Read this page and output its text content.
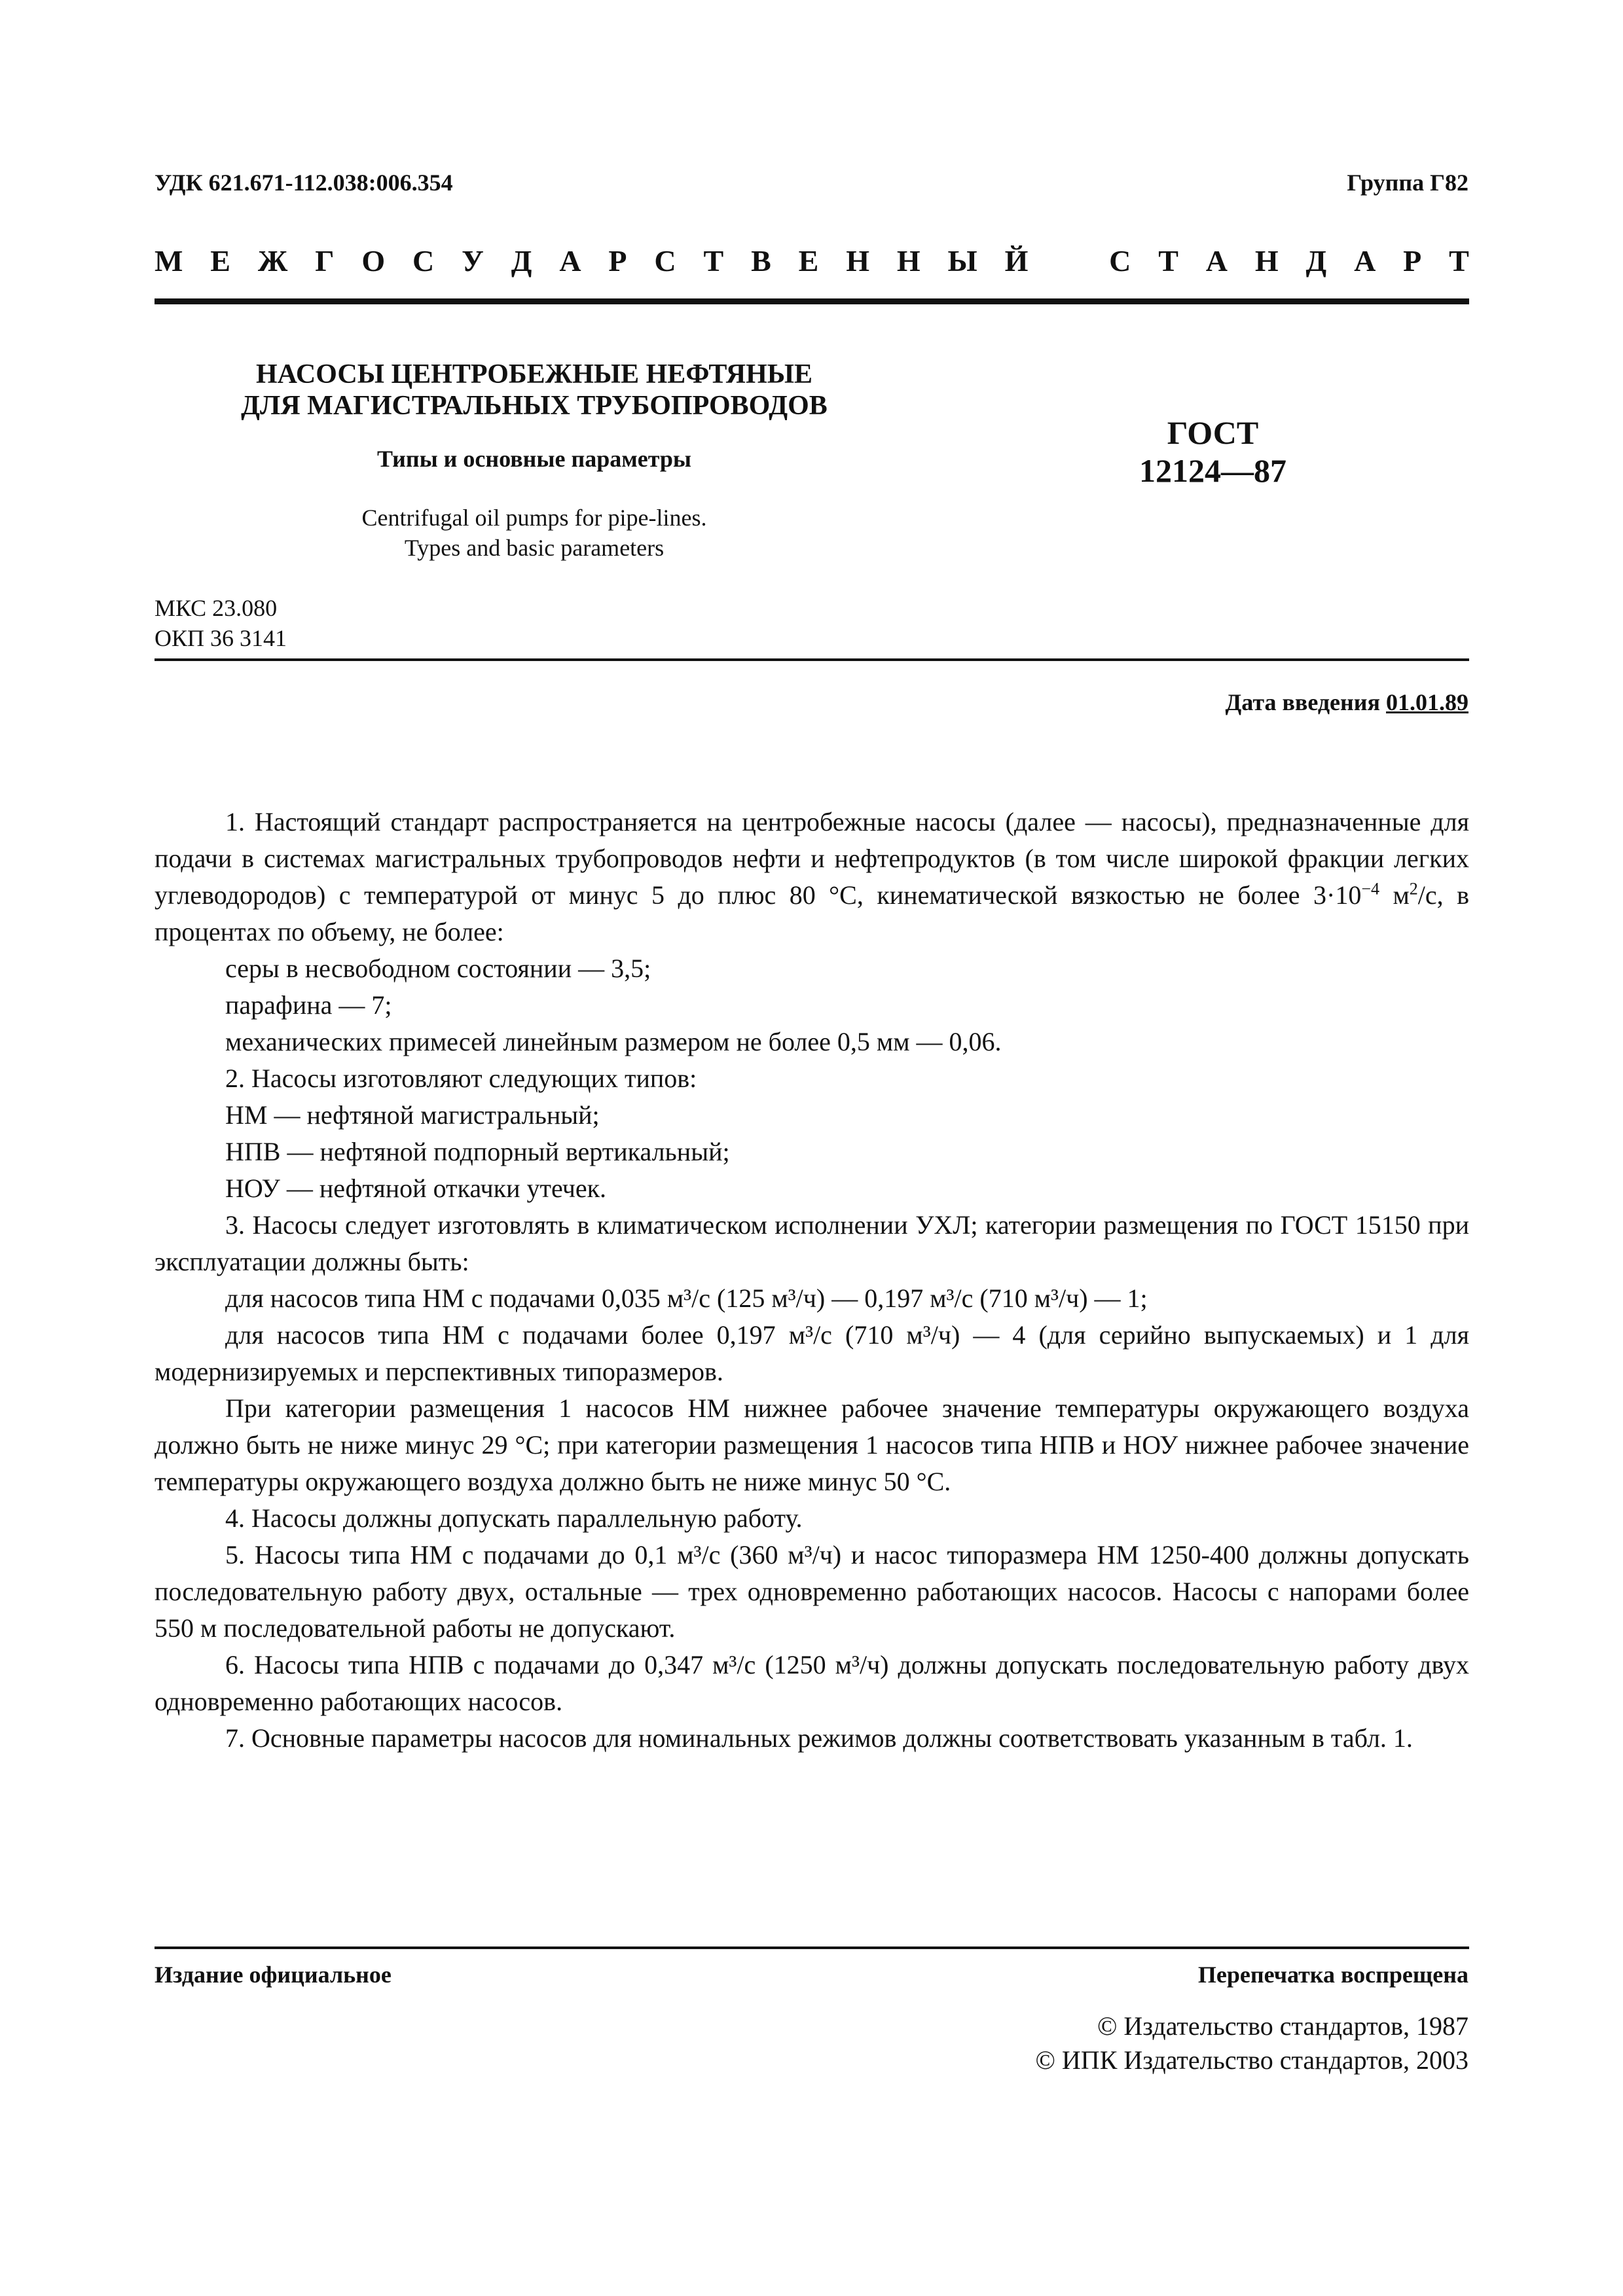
УДК 621.671-112.038:006.354	Группа Г82
М Е Ж Г О С У Д А Р С Т В Е Н Н Ы Й	С Т А Н Д А Р Т
НАСОСЫ ЦЕНТРОБЕЖНЫЕ НЕФТЯНЫЕ
ДЛЯ МАГИСТРАЛЬНЫХ ТРУБОПРОВОДОВ
Типы и основные параметры
Centrifugal oil pumps for pipe-lines.
Types and basic parameters
ГОСТ
12124—87
МКС 23.080
ОКП 36 3141
Дата введения 01.01.89

1. Настоящий стандарт распространяется на центробежные насосы (далее — насосы), предназначенные для подачи в системах магистральных трубопроводов нефти и нефтепродуктов (в том числе широкой фракции легких углеводородов) с температурой от минус 5 до плюс 80 °С, кинематической вязкостью не более $3\cdot 10^{-4}$ $м^2/с$, в процентах по объему, не более:

серы в несвободном состоянии — 3,5;

парафина — 7;

механических примесей линейным размером не более 0,5 мм — 0,06.

2. Насосы изготовляют следующих типов:

НМ — нефтяной магистральный;

НПВ — нефтяной подпорный вертикальный;

НОУ — нефтяной откачки утечек.

3. Насосы следует изготовлять в климатическом исполнении УХЛ; категории размещения по ГОСТ 15150 при эксплуатации должны быть:

для насосов типа НМ с подачами 0,035 м³/с (125 м³/ч) — 0,197 м³/с (710 м³/ч) — 1;

для насосов типа НМ с подачами более 0,197 м³/с (710 м³/ч) — 4 (для серийно выпускаемых) и 1 для модернизируемых и перспективных типоразмеров.

При категории размещения 1 насосов НМ нижнее рабочее значение температуры окружающего воздуха должно быть не ниже минус 29 °С; при категории размещения 1 насосов типа НПВ и НОУ нижнее рабочее значение температуры окружающего воздуха должно быть не ниже минус 50 °С.

4. Насосы должны допускать параллельную работу.

5. Насосы типа НМ с подачами до 0,1 м³/с (360 м³/ч) и насос типоразмера НМ 1250-400 должны допускать последовательную работу двух, остальные — трех одновременно работающих насосов. Насосы с напорами более 550 м последовательной работы не допускают.

6. Насосы типа НПВ с подачами до 0,347 м³/с (1250 м³/ч) должны допускать последовательную работу двух одновременно работающих насосов.

7. Основные параметры насосов для номинальных режимов должны соответствовать указанным в табл. 1.

Издание официальное	Перепечатка воспрещена
© Издательство стандартов, 1987
© ИПК Издательство стандартов, 2003
